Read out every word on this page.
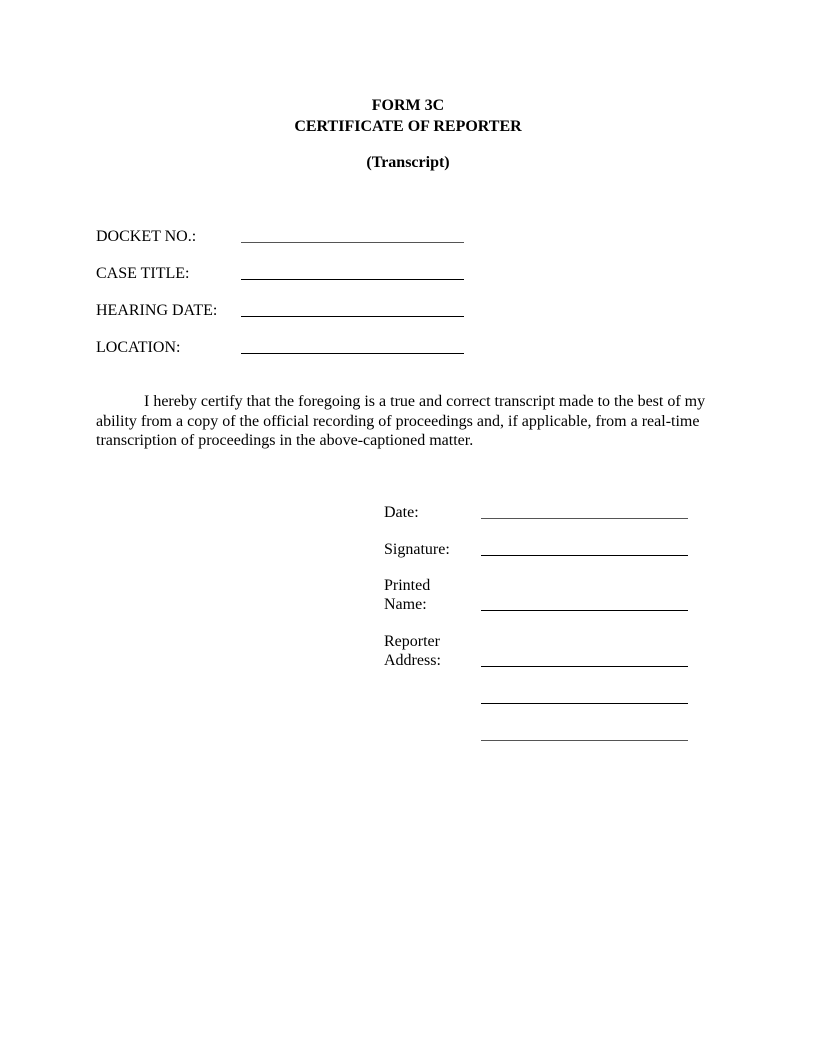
FORM 3C
CERTIFICATE OF REPORTER
(Transcript)
DOCKET NO.:
CASE TITLE:
HEARING DATE:
LOCATION:
I hereby certify that the foregoing is a true and correct transcript made to the best of my ability from a copy of the official recording of proceedings and, if applicable, from a real-time transcription of proceedings in the above-captioned matter.
Date:
Signature:
Printed
Name:
Reporter
Address:
